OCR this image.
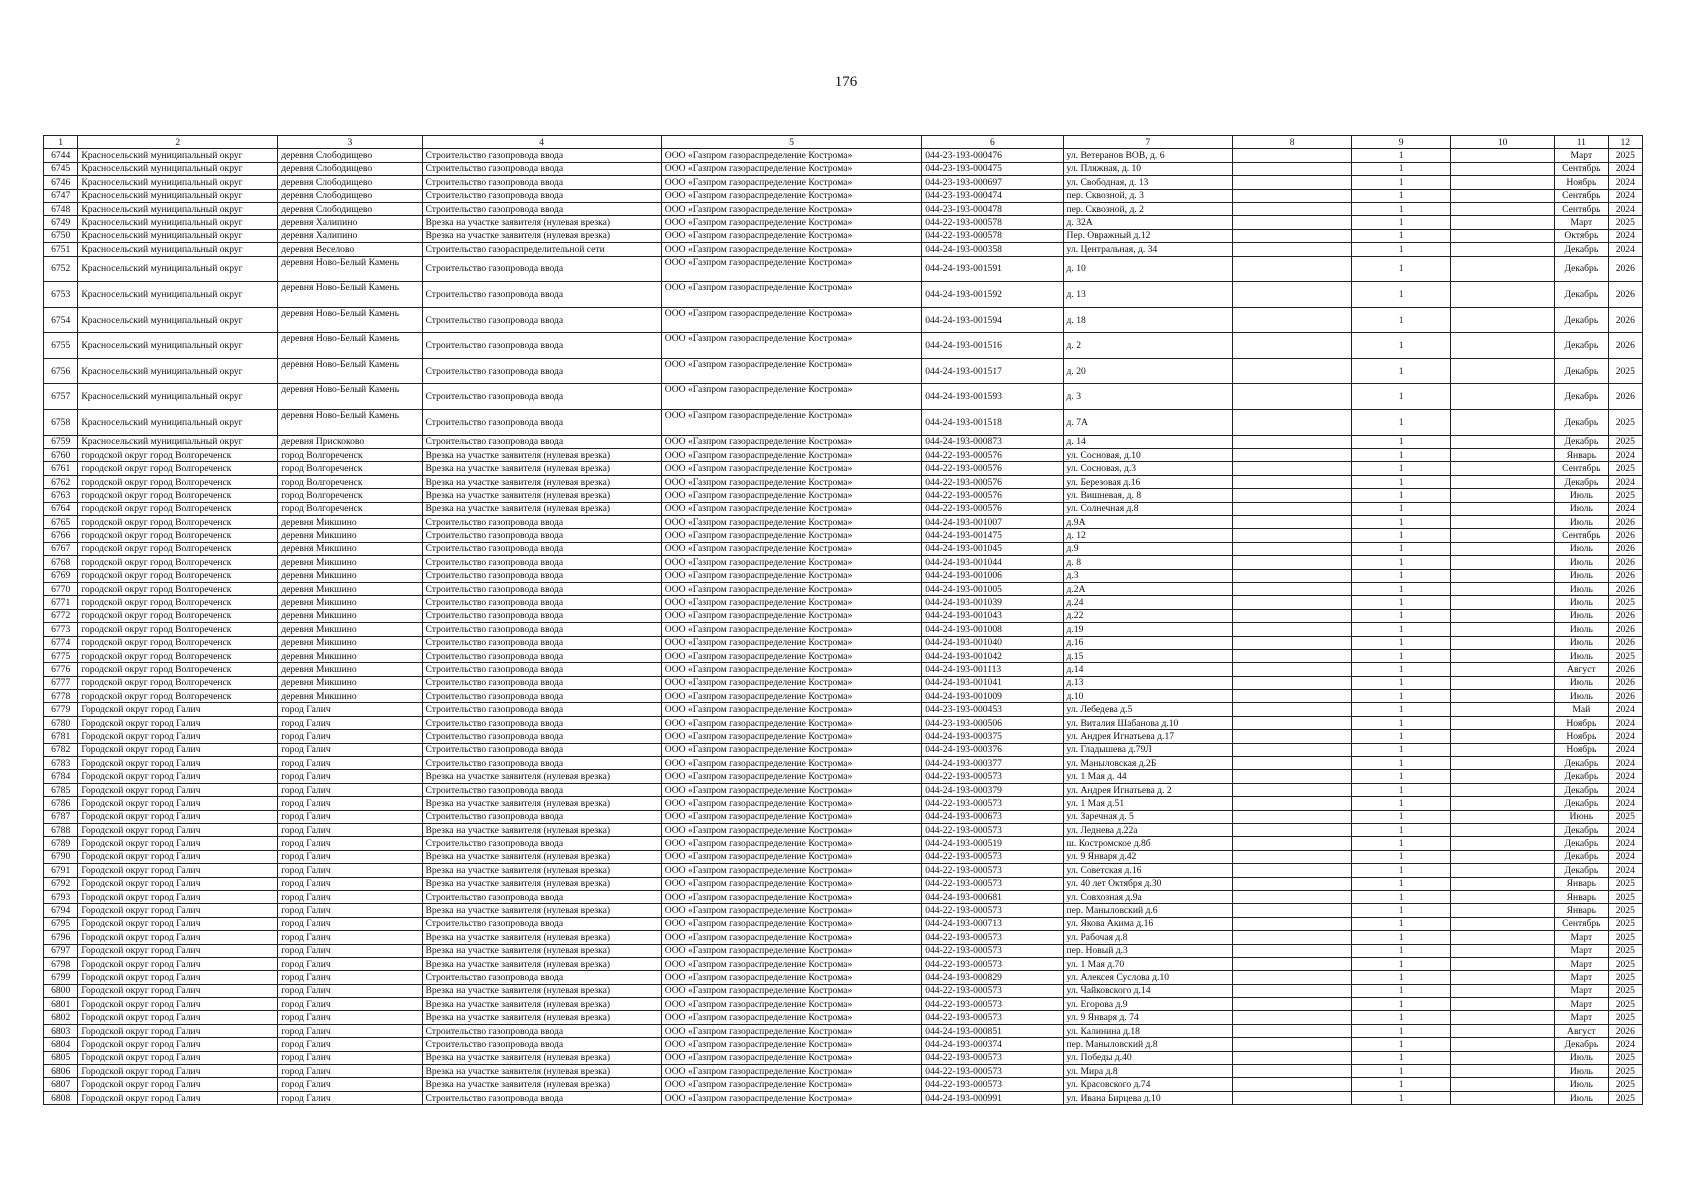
176
1	2	3	4	5	6	7	8	9	10	11	12
6744	Красносельский муниципальный округ	деревня Слободищево	Строительство газопровода ввода	ООО «Газпром газораспределение Кострома»	044-23-193-000476	ул. Ветеранов ВОВ, д. 6		1		Март	2025
6745	Красносельский муниципальный округ	деревня Слободищево	Строительство газопровода ввода	ООО «Газпром газораспределение Кострома»	044-23-193-000475	ул. Пляжная, д. 10		1		Сентябрь	2024
6746	Красносельский муниципальный округ	деревня Слободищево	Строительство газопровода ввода	ООО «Газпром газораспределение Кострома»	044-23-193-000697	ул. Свободная, д. 13		1		Ноябрь	2024
6747	Красносельский муниципальный округ	деревня Слободищево	Строительство газопровода ввода	ООО «Газпром газораспределение Кострома»	044-23-193-000474	пер. Сквозной, д. 3		1		Сентябрь	2024
6748	Красносельский муниципальный округ	деревня Слободищево	Строительство газопровода ввода	ООО «Газпром газораспределение Кострома»	044-23-193-000478	пер. Сквозной, д. 2		1		Сентябрь	2024
6749	Красносельский муниципальный округ	деревня Халипино	Врезка на участке заявителя (нулевая врезка)	ООО «Газпром газораспределение Кострома»	044-22-193-000578	д. 32А		1		Март	2025
6750	Красносельский муниципальный округ	деревня Халипино	Врезка на участке заявителя (нулевая врезка)	ООО «Газпром газораспределение Кострома»	044-22-193-000578	Пер. Овражный д.12		1		Октябрь	2024
6751	Красносельский муниципальный округ	деревня Веселово	Строительство газораспределительной сети	ООО «Газпром газораспределение Кострома»	044-24-193-000358	ул. Центральная, д. 34		1		Декабрь	2024
6752	Красносельский муниципальный округ	деревня Ново-Белый Камень	Строительство газопровода ввода	ООО «Газпром газораспределение Кострома»	044-24-193-001591	д. 10		1		Декабрь	2026
6753	Красносельский муниципальный округ	деревня Ново-Белый Камень	Строительство газопровода ввода	ООО «Газпром газораспределение Кострома»	044-24-193-001592	д. 13		1		Декабрь	2026
6754	Красносельский муниципальный округ	деревня Ново-Белый Камень	Строительство газопровода ввода	ООО «Газпром газораспределение Кострома»	044-24-193-001594	д. 18		1		Декабрь	2026
6755	Красносельский муниципальный округ	деревня Ново-Белый Камень	Строительство газопровода ввода	ООО «Газпром газораспределение Кострома»	044-24-193-001516	д. 2		1		Декабрь	2026
6756	Красносельский муниципальный округ	деревня Ново-Белый Камень	Строительство газопровода ввода	ООО «Газпром газораспределение Кострома»	044-24-193-001517	д. 20		1		Декабрь	2025
6757	Красносельский муниципальный округ	деревня Ново-Белый Камень	Строительство газопровода ввода	ООО «Газпром газораспределение Кострома»	044-24-193-001593	д. 3		1		Декабрь	2026
6758	Красносельский муниципальный округ	деревня Ново-Белый Камень	Строительство газопровода ввода	ООО «Газпром газораспределение Кострома»	044-24-193-001518	д. 7А		1		Декабрь	2025
6759	Красносельский муниципальный округ	деревня Прискоково	Строительство газопровода ввода	ООО «Газпром газораспределение Кострома»	044-24-193-000873	д. 14		1		Декабрь	2025
6760	городской округ город Волгореченск	город Волгореченск	Врезка на участке заявителя (нулевая врезка)	ООО «Газпром газораспределение Кострома»	044-22-193-000576	ул. Сосновая, д.10		1		Январь	2024
6761	городской округ город Волгореченск	город Волгореченск	Врезка на участке заявителя (нулевая врезка)	ООО «Газпром газораспределение Кострома»	044-22-193-000576	ул. Сосновая, д.3		1		Сентябрь	2025
6762	городской округ город Волгореченск	город Волгореченск	Врезка на участке заявителя (нулевая врезка)	ООО «Газпром газораспределение Кострома»	044-22-193-000576	ул. Березовая д.16		1		Декабрь	2024
6763	городской округ город Волгореченск	город Волгореченск	Врезка на участке заявителя (нулевая врезка)	ООО «Газпром газораспределение Кострома»	044-22-193-000576	ул. Вишневая, д. 8		1		Июль	2025
6764	городской округ город Волгореченск	город Волгореченск	Врезка на участке заявителя (нулевая врезка)	ООО «Газпром газораспределение Кострома»	044-22-193-000576	ул. Солнечная д.8		1		Июль	2024
6765	городской округ город Волгореченск	деревня Микшино	Строительство газопровода ввода	ООО «Газпром газораспределение Кострома»	044-24-193-001007	д.9А		1		Июль	2026
6766	городской округ город Волгореченск	деревня Микшино	Строительство газопровода ввода	ООО «Газпром газораспределение Кострома»	044-24-193-001475	д. 12		1		Сентябрь	2026
6767	городской округ город Волгореченск	деревня Микшино	Строительство газопровода ввода	ООО «Газпром газораспределение Кострома»	044-24-193-001045	д.9		1		Июль	2026
6768	городской округ город Волгореченск	деревня Микшино	Строительство газопровода ввода	ООО «Газпром газораспределение Кострома»	044-24-193-001044	д. 8		1		Июль	2026
6769	городской округ город Волгореченск	деревня Микшино	Строительство газопровода ввода	ООО «Газпром газораспределение Кострома»	044-24-193-001006	д.3		1		Июль	2026
6770	городской округ город Волгореченск	деревня Микшино	Строительство газопровода ввода	ООО «Газпром газораспределение Кострома»	044-24-193-001005	д.2А		1		Июль	2026
6771	городской округ город Волгореченск	деревня Микшино	Строительство газопровода ввода	ООО «Газпром газораспределение Кострома»	044-24-193-001039	д.24		1		Июль	2025
6772	городской округ город Волгореченск	деревня Микшино	Строительство газопровода ввода	ООО «Газпром газораспределение Кострома»	044-24-193-001043	д.22		1		Июль	2026
6773	городской округ город Волгореченск	деревня Микшино	Строительство газопровода ввода	ООО «Газпром газораспределение Кострома»	044-24-193-001008	д.19		1		Июль	2026
6774	городской округ город Волгореченск	деревня Микшино	Строительство газопровода ввода	ООО «Газпром газораспределение Кострома»	044-24-193-001040	д.16		1		Июль	2026
6775	городской округ город Волгореченск	деревня Микшино	Строительство газопровода ввода	ООО «Газпром газораспределение Кострома»	044-24-193-001042	д.15		1		Июль	2025
6776	городской округ город Волгореченск	деревня Микшино	Строительство газопровода ввода	ООО «Газпром газораспределение Кострома»	044-24-193-001113	д.14		1		Август	2026
6777	городской округ город Волгореченск	деревня Микшино	Строительство газопровода ввода	ООО «Газпром газораспределение Кострома»	044-24-193-001041	д.13		1		Июль	2026
6778	городской округ город Волгореченск	деревня Микшино	Строительство газопровода ввода	ООО «Газпром газораспределение Кострома»	044-24-193-001009	д.10		1		Июль	2026
6779	Городской округ город Галич	город Галич	Строительство газопровода ввода	ООО «Газпром газораспределение Кострома»	044-23-193-000453	ул. Лебедева д.5		1		Май	2024
6780	Городской округ город Галич	город Галич	Строительство газопровода ввода	ООО «Газпром газораспределение Кострома»	044-23-193-000506	ул. Виталия Шабанова д.10		1		Ноябрь	2024
6781	Городской округ город Галич	город Галич	Строительство газопровода ввода	ООО «Газпром газораспределение Кострома»	044-24-193-000375	ул. Андрея Игнатьева д.17		1		Ноябрь	2024
6782	Городской округ город Галич	город Галич	Строительство газопровода ввода	ООО «Газпром газораспределение Кострома»	044-24-193-000376	ул. Гладышева д.79Л		1		Ноябрь	2024
6783	Городской округ город Галич	город Галич	Строительство газопровода ввода	ООО «Газпром газораспределение Кострома»	044-24-193-000377	ул. Маныловская д.2Б		1		Декабрь	2024
6784	Городской округ город Галич	город Галич	Врезка на участке заявителя (нулевая врезка)	ООО «Газпром газораспределение Кострома»	044-22-193-000573	ул. 1 Мая д. 44		1		Декабрь	2024
6785	Городской округ город Галич	город Галич	Строительство газопровода ввода	ООО «Газпром газораспределение Кострома»	044-24-193-000379	ул. Андрея Игнатьева д. 2		1		Декабрь	2024
6786	Городской округ город Галич	город Галич	Врезка на участке заявителя (нулевая врезка)	ООО «Газпром газораспределение Кострома»	044-22-193-000573	ул. 1 Мая д.51		1		Декабрь	2024
6787	Городской округ город Галич	город Галич	Строительство газопровода ввода	ООО «Газпром газораспределение Кострома»	044-24-193-000673	ул. Заречная д. 5		1		Июнь	2025
6788	Городской округ город Галич	город Галич	Врезка на участке заявителя (нулевая врезка)	ООО «Газпром газораспределение Кострома»	044-22-193-000573	ул. Леднева д.22а		1		Декабрь	2024
6789	Городской округ город Галич	город Галич	Строительство газопровода ввода	ООО «Газпром газораспределение Кострома»	044-24-193-000519	ш. Костромское д.8б		1		Декабрь	2024
6790	Городской округ город Галич	город Галич	Врезка на участке заявителя (нулевая врезка)	ООО «Газпром газораспределение Кострома»	044-22-193-000573	ул. 9 Января д.42		1		Декабрь	2024
6791	Городской округ город Галич	город Галич	Врезка на участке заявителя (нулевая врезка)	ООО «Газпром газораспределение Кострома»	044-22-193-000573	ул. Советская д.16		1		Декабрь	2024
6792	Городской округ город Галич	город Галич	Врезка на участке заявителя (нулевая врезка)	ООО «Газпром газораспределение Кострома»	044-22-193-000573	ул. 40 лет Октября д.30		1		Январь	2025
6793	Городской округ город Галич	город Галич	Строительство газопровода ввода	ООО «Газпром газораспределение Кострома»	044-24-193-000681	ул. Совхозная д.9а		1		Январь	2025
6794	Городской округ город Галич	город Галич	Врезка на участке заявителя (нулевая врезка)	ООО «Газпром газораспределение Кострома»	044-22-193-000573	пер. Маныловский д.6		1		Январь	2025
6795	Городской округ город Галич	город Галич	Строительство газопровода ввода	ООО «Газпром газораспределение Кострома»	044-24-193-000713	ул. Якова Акима д.16		1		Сентябрь	2025
6796	Городской округ город Галич	город Галич	Врезка на участке заявителя (нулевая врезка)	ООО «Газпром газораспределение Кострома»	044-22-193-000573	ул. Рабочая д.8		1		Март	2025
6797	Городской округ город Галич	город Галич	Врезка на участке заявителя (нулевая врезка)	ООО «Газпром газораспределение Кострома»	044-22-193-000573	пер. Новый д.3		1		Март	2025
6798	Городской округ город Галич	город Галич	Врезка на участке заявителя (нулевая врезка)	ООО «Газпром газораспределение Кострома»	044-22-193-000573	ул. 1 Мая д.70		1		Март	2025
6799	Городской округ город Галич	город Галич	Строительство газопровода ввода	ООО «Газпром газораспределение Кострома»	044-24-193-000829	ул. Алексея Суслова д.10		1		Март	2025
6800	Городской округ город Галич	город Галич	Врезка на участке заявителя (нулевая врезка)	ООО «Газпром газораспределение Кострома»	044-22-193-000573	ул. Чайковского д.14		1		Март	2025
6801	Городской округ город Галич	город Галич	Врезка на участке заявителя (нулевая врезка)	ООО «Газпром газораспределение Кострома»	044-22-193-000573	ул. Егорова д.9		1		Март	2025
6802	Городской округ город Галич	город Галич	Врезка на участке заявителя (нулевая врезка)	ООО «Газпром газораспределение Кострома»	044-22-193-000573	ул. 9 Января д. 74		1		Март	2025
6803	Городской округ город Галич	город Галич	Строительство газопровода ввода	ООО «Газпром газораспределение Кострома»	044-24-193-000851	ул. Калинина д.18		1		Август	2026
6804	Городской округ город Галич	город Галич	Строительство газопровода ввода	ООО «Газпром газораспределение Кострома»	044-24-193-000374	пер. Маныловский д.8		1		Декабрь	2024
6805	Городской округ город Галич	город Галич	Врезка на участке заявителя (нулевая врезка)	ООО «Газпром газораспределение Кострома»	044-22-193-000573	ул. Победы д.40		1		Июль	2025
6806	Городской округ город Галич	город Галич	Врезка на участке заявителя (нулевая врезка)	ООО «Газпром газораспределение Кострома»	044-22-193-000573	ул. Мира д.8		1		Июль	2025
6807	Городской округ город Галич	город Галич	Врезка на участке заявителя (нулевая врезка)	ООО «Газпром газораспределение Кострома»	044-22-193-000573	ул. Красовского д.74		1		Июль	2025
6808	Городской округ город Галич	город Галич	Строительство газопровода ввода	ООО «Газпром газораспределение Кострома»	044-24-193-000991	ул. Ивана Бирцева д.10		1		Июль	2025
